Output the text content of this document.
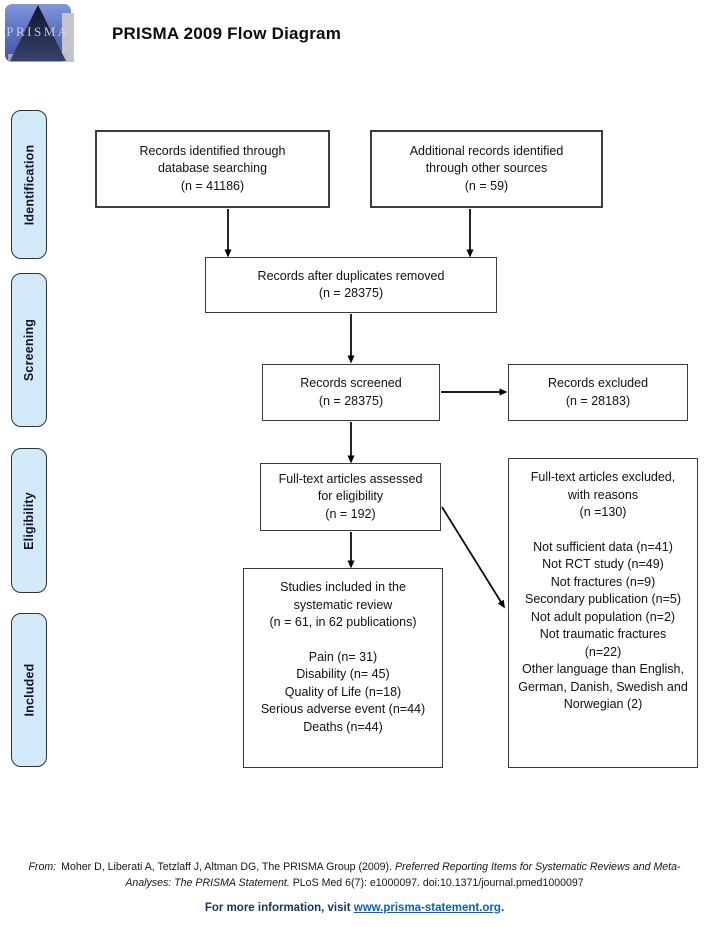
PRISMA PRISMA 2009 Flow Diagram
Identification
Screening
Eligibility
Included
Records identified through
database searching
(n = 41186)
Additional records identified
through other sources
(n = 59)
Records after duplicates removed
(n = 28375)
Records screened
(n = 28375)
Records excluded
(n = 28183)
Full-text articles assessed
for eligibility
(n = 192)
Full-text articles excluded,
with reasons
(n =130)
Not sufficient data (n=41)
Not RCT study (n=49)
Not fractures (n=9)
Secondary publication (n=5)
Not adult population (n=2)
Not traumatic fractures
(n=22)
Other language than English,
German, Danish, Swedish and
Norwegian (2)
Studies included in the
systematic review
(n = 61, in 62 publications)
Pain (n= 31)
Disability (n= 45)
Quality of Life (n=18)
Serious adverse event (n=44)
Deaths (n=44)

From: Moher D, Liberati A, Tetzlaff J, Altman DG, The PRISMA Group (2009). Preferred Reporting Items for Systematic Reviews and Meta-Analyses: The PRISMA Statement. PLoS Med 6(7): e1000097. doi:10.1371/journal.pmed1000097

For more information, visit www.prisma-statement.org.
